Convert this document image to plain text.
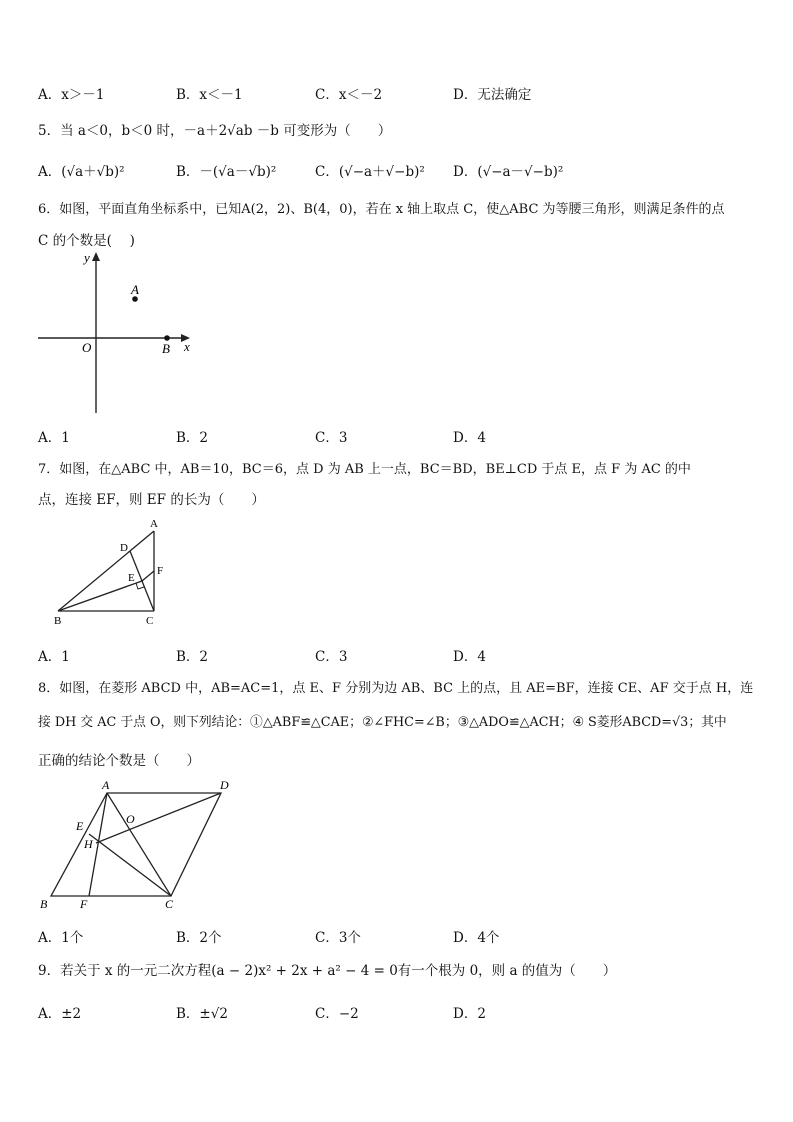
A．x＞－1	B．x＜－1	C．x＜－2	D．无法确定
5．当 a＜0，b＜0 时，－a＋2√ab －b 可变形为（　　）
A．(√a＋√b)²	B．－(√a－√b)²	C．(√−a＋√−b)² D．(√−a－√−b)²
6．如图，平面直角坐标系中，已知A(2，2)、B(4，0)，若在 x 轴上取点 C，使△ABC 为等腰三角形，则满足条件的点
C 的个数是(　 )
y
x
O
A
B
A．1	B．2	C．3	D．4
7．如图，在△ABC 中，AB＝10，BC＝6，点 D 为 AB 上一点，BC＝BD，BE⊥CD 于点 E，点 F 为 AC 的中
点，连接 EF，则 EF 的长为（　　）
A
B	C
D
E
F
A．1	B．2	C．3	D．4
8．如图，在菱形 ABCD 中，AB=AC=1，点 E、F 分别为边 AB、BC 上的点，且 AE=BF，连接 CE、AF 交于点 H，连
接 DH 交 AC 于点 O，则下列结论：①△ABF≌△CAE；②∠FHC=∠B；③△ADO≌△ACH；④ S菱形ABCD=√3；其中
正确的结论个数是（　　）
A	D
B	F	C
E
H
O
A．1个	B．2个	C．3个	D．4个
9．若关于 x 的一元二次方程(a − 2)x² + 2x + a² − 4 = 0有一个根为 0，则 a 的值为（　　）
A．±2	B．±√2	C．−2	D．2
